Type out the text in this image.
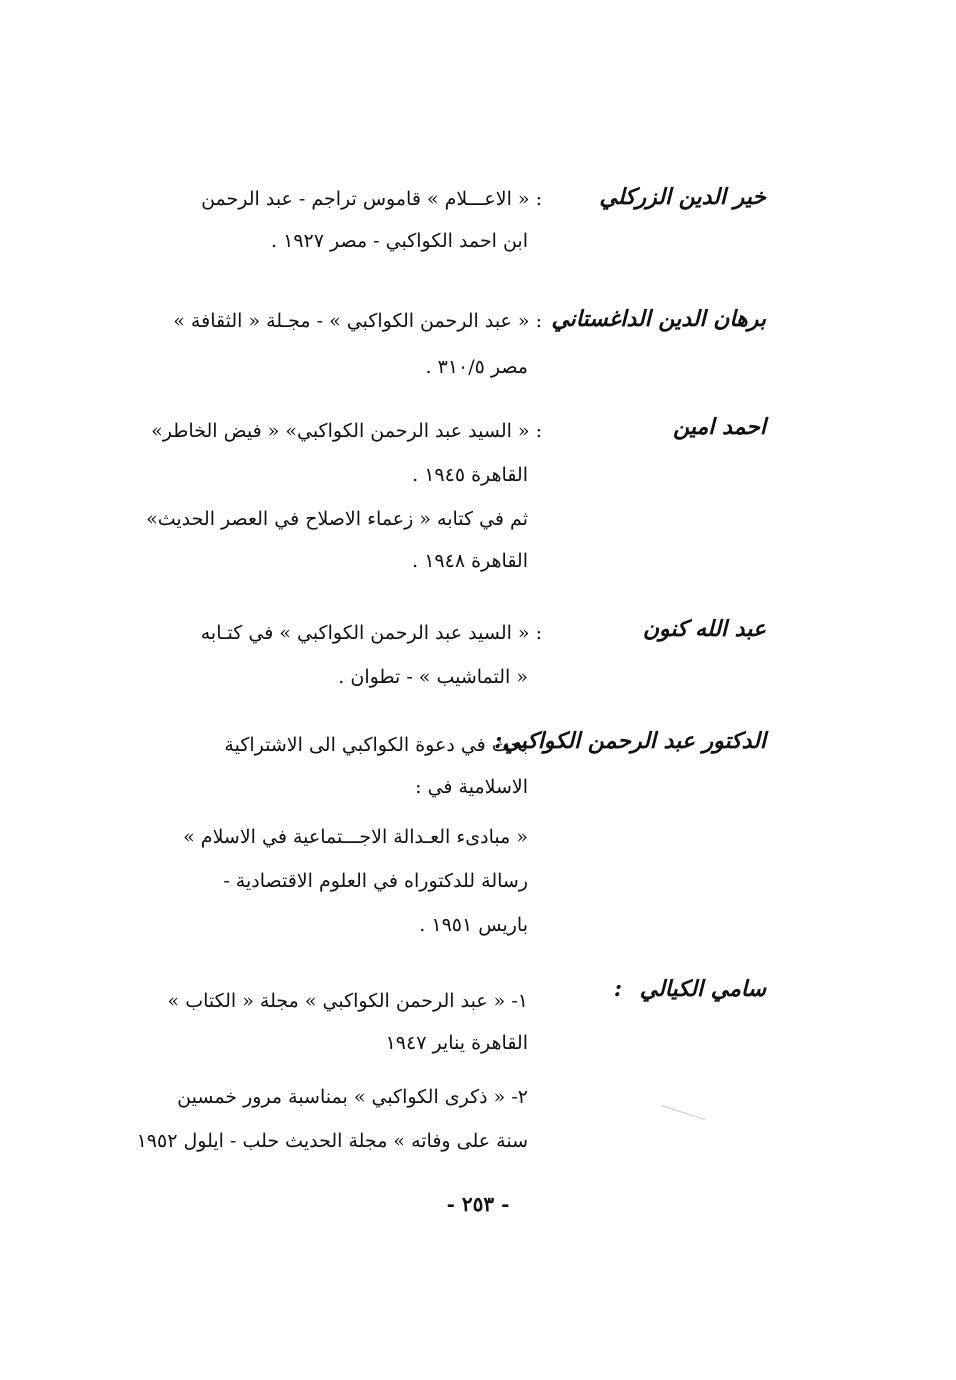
خير الدين الزركلي
: « الاعـــلام » قاموس تراجم - عبد الرحمن
ابن احمد الكواكبي - مصر ١٩٢٧ .
برهان الدين الداغستاني
: « عبد الرحمن الكواكبي » - مجـلة « الثقافة »
مصر ٣١٠/٥ .
احمد امين
: « السيد عبد الرحمن الكواكبي» « فيض الخاطر»
القاهرة ١٩٤٥ .
ثم في كتابه « زعماء الاصلاح في العصر الحديث»
القاهرة ١٩٤٨ .
عبد الله كنون
: « السيد عبد الرحمن الكواكبي » في كتـابه
« التماشيب » - تطوان .
الدكتور عبد الرحمن الكواكبي:
بحث في دعوة الكواكبي الى الاشتراكية
الاسلامية في :
« مبادىء العـدالة الاجـــتماعية في الاسلام »
رسالة للدكتوراه في العلوم الاقتصادية -
باريس ١٩٥١ .
سامي الكيالي
:
١- « عبد الرحمن الكواكبي » مجلة « الكتاب »
القاهرة يناير ١٩٤٧
٢- « ذكرى الكواكبي » بمناسبة مرور خمسين
سنة على وفاته » مجلة الحديث حلب - ايلول ١٩٥٢
- ٢٥٣ -
